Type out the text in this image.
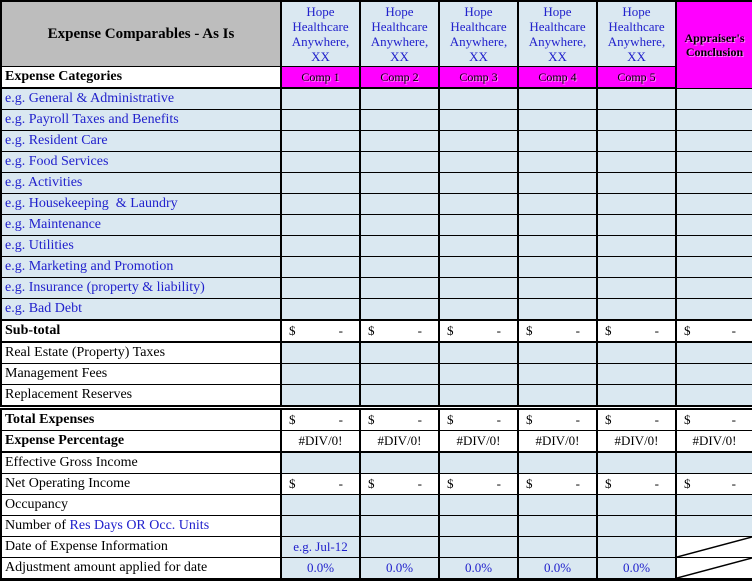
Expense Comparables - As Is	Hope Healthcare Anywhere, XX	Hope Healthcare Anywhere, XX	Hope Healthcare Anywhere, XX	Hope Healthcare Anywhere, XX	Hope Healthcare Anywhere, XX	Appraiser's Conclusion
Expense Categories	Comp 1	Comp 2	Comp 3	Comp 4	Comp 5	
e.g. General & Administrative						
e.g. Payroll Taxes and Benefits						
e.g. Resident Care						
e.g. Food Services						
e.g. Activities						
e.g. Housekeeping  & Laundry						
e.g. Maintenance						
e.g. Utilities						
e.g. Marketing and Promotion						
e.g. Insurance (property & liability)						
e.g. Bad Debt						
Sub-total	$ -	$ -	$ -	$ -	$ -	$ -

Real Estate (Property) Taxes						
Management Fees						
Replacement Reserves						
Total Expenses	$ -	$ -	$ -	$ -	$ -	$ -

Expense Percentage	#DIV/0!	#DIV/0!	#DIV/0!	#DIV/0!	#DIV/0!	#DIV/0!
Effective Gross Income						
Net Operating Income	$ -	$ -	$ -	$ -	$ -	$ -

Occupancy						
Number of Res Days OR Occ. Units						
Date of Expense Information	e.g. Jul-12					

Adjustment amount applied for date	0.0%	0.0%	0.0%	0.0%	0.0%	
